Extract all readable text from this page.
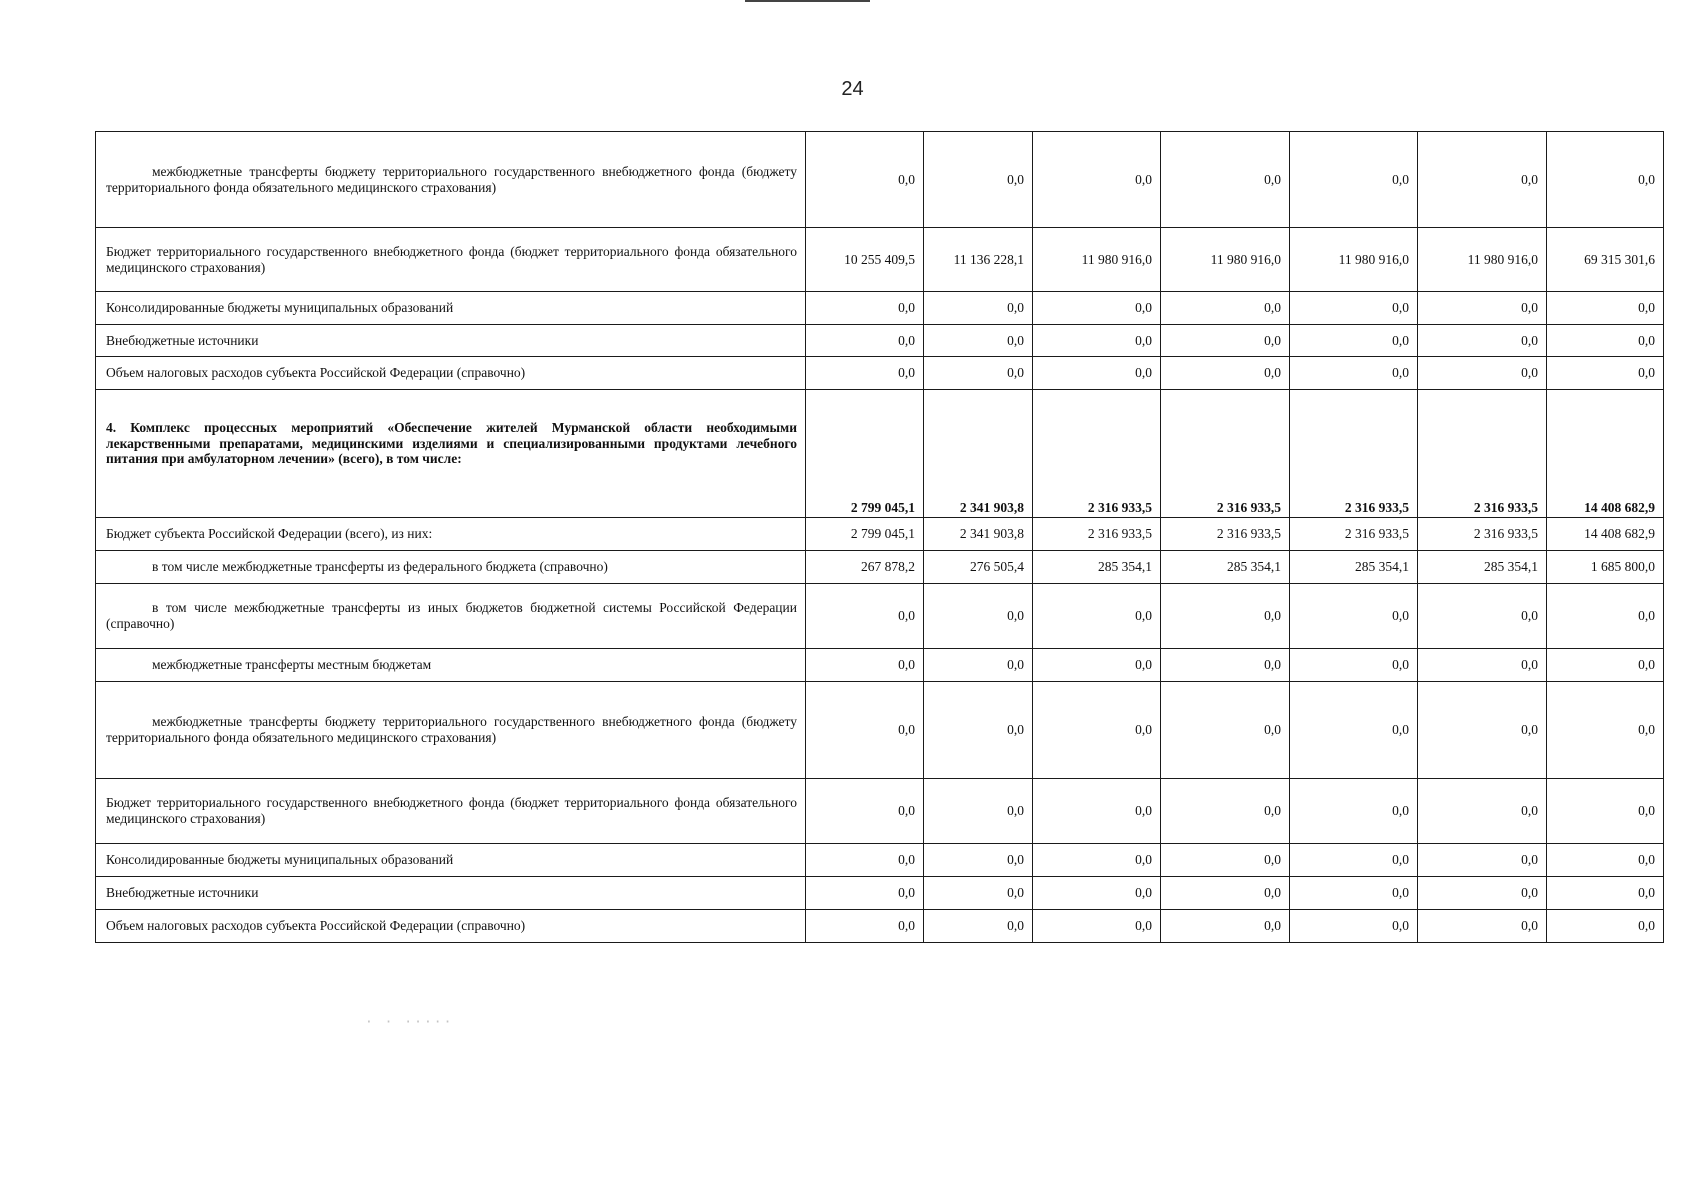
24
межбюджетные трансферты бюджету территориального государственного внебюджетного фонда (бюджету территориального фонда обязательного медицинского страхования)	0,0	0,0	0,0	0,0	0,0	0,0	0,0
Бюджет территориального государственного внебюджетного фонда (бюджет территориального фонда обязательного медицинского страхования)	10 255 409,5	11 136 228,1	11 980 916,0	11 980 916,0	11 980 916,0	11 980 916,0	69 315 301,6
Консолидированные бюджеты муниципальных образований	0,0	0,0	0,0	0,0	0,0	0,0	0,0
Внебюджетные источники	0,0	0,0	0,0	0,0	0,0	0,0	0,0
Объем налоговых расходов субъекта Российской Федерации (справочно)	0,0	0,0	0,0	0,0	0,0	0,0	0,0
4. Комплекс процессных мероприятий «Обеспечение жителей Мурманской области необходимыми лекарственными препаратами, медицинскими изделиями и специализированными продуктами лечебного питания при амбулаторном лечении» (всего), в том числе:	2 799 045,1	2 341 903,8	2 316 933,5	2 316 933,5	2 316 933,5	2 316 933,5	14 408 682,9
Бюджет субъекта Российской Федерации (всего), из них:	2 799 045,1	2 341 903,8	2 316 933,5	2 316 933,5	2 316 933,5	2 316 933,5	14 408 682,9
в том числе межбюджетные трансферты из федерального бюджета (справочно)	267 878,2	276 505,4	285 354,1	285 354,1	285 354,1	285 354,1	1 685 800,0
в том числе межбюджетные трансферты из иных бюджетов бюджетной системы Российской Федерации (справочно)	0,0	0,0	0,0	0,0	0,0	0,0	0,0
межбюджетные трансферты местным бюджетам	0,0	0,0	0,0	0,0	0,0	0,0	0,0
межбюджетные трансферты бюджету территориального государственного внебюджетного фонда (бюджету территориального фонда обязательного медицинского страхования)	0,0	0,0	0,0	0,0	0,0	0,0	0,0
Бюджет территориального государственного внебюджетного фонда (бюджет территориального фонда обязательного медицинского страхования)	0,0	0,0	0,0	0,0	0,0	0,0	0,0
Консолидированные бюджеты муниципальных образований	0,0	0,0	0,0	0,0	0,0	0,0	0,0
Внебюджетные источники	0,0	0,0	0,0	0,0	0,0	0,0	0,0
Объем налоговых расходов субъекта Российской Федерации (справочно)	0,0	0,0	0,0	0,0	0,0	0,0	0,0
· · ·····
